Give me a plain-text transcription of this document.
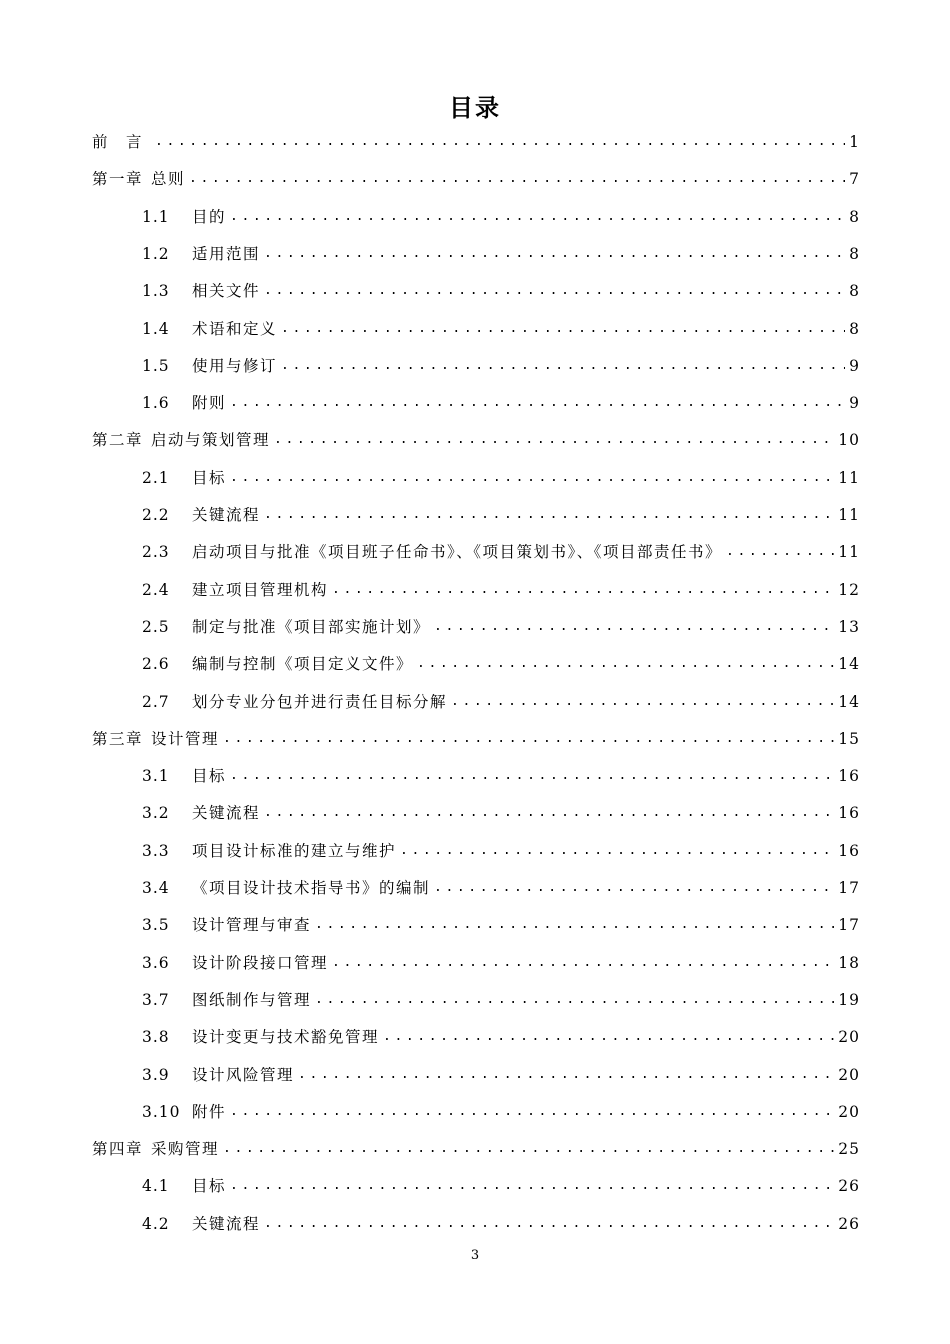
目录
前　言 .....	1
第一章 总则 .....	7
1.1	目的 .....	8
1.2	适用范围 .....	8
1.3	相关文件 .....	8
1.4	术语和定义 .....	8
1.5	使用与修订 .....	9
1.6	附则 .....	9
第二章 启动与策划管理 .....	10
2.1	目标 .....	11
2.2	关键流程 .....	11
2.3	启动项目与批准《项目班子任命书》、《项目策划书》、《项目部责任书》 .....	11
2.4	建立项目管理机构 .....	12
2.5	制定与批准《项目部实施计划》 .....	13
2.6	编制与控制《项目定义文件》 .....	14
2.7	划分专业分包并进行责任目标分解 .....	14
第三章 设计管理 .....	15
3.1	目标 .....	16
3.2	关键流程 .....	16
3.3	项目设计标准的建立与维护 .....	16
3.4	《项目设计技术指导书》的编制 .....	17
3.5	设计管理与审查 .....	17
3.6	设计阶段接口管理 .....	18
3.7	图纸制作与管理 .....	19
3.8	设计变更与技术豁免管理 .....	20
3.9	设计风险管理 .....	20
3.10 附件 .....	20
第四章 采购管理 .....	25
4.1	目标 .....	26
4.2	关键流程 .....	26
3
